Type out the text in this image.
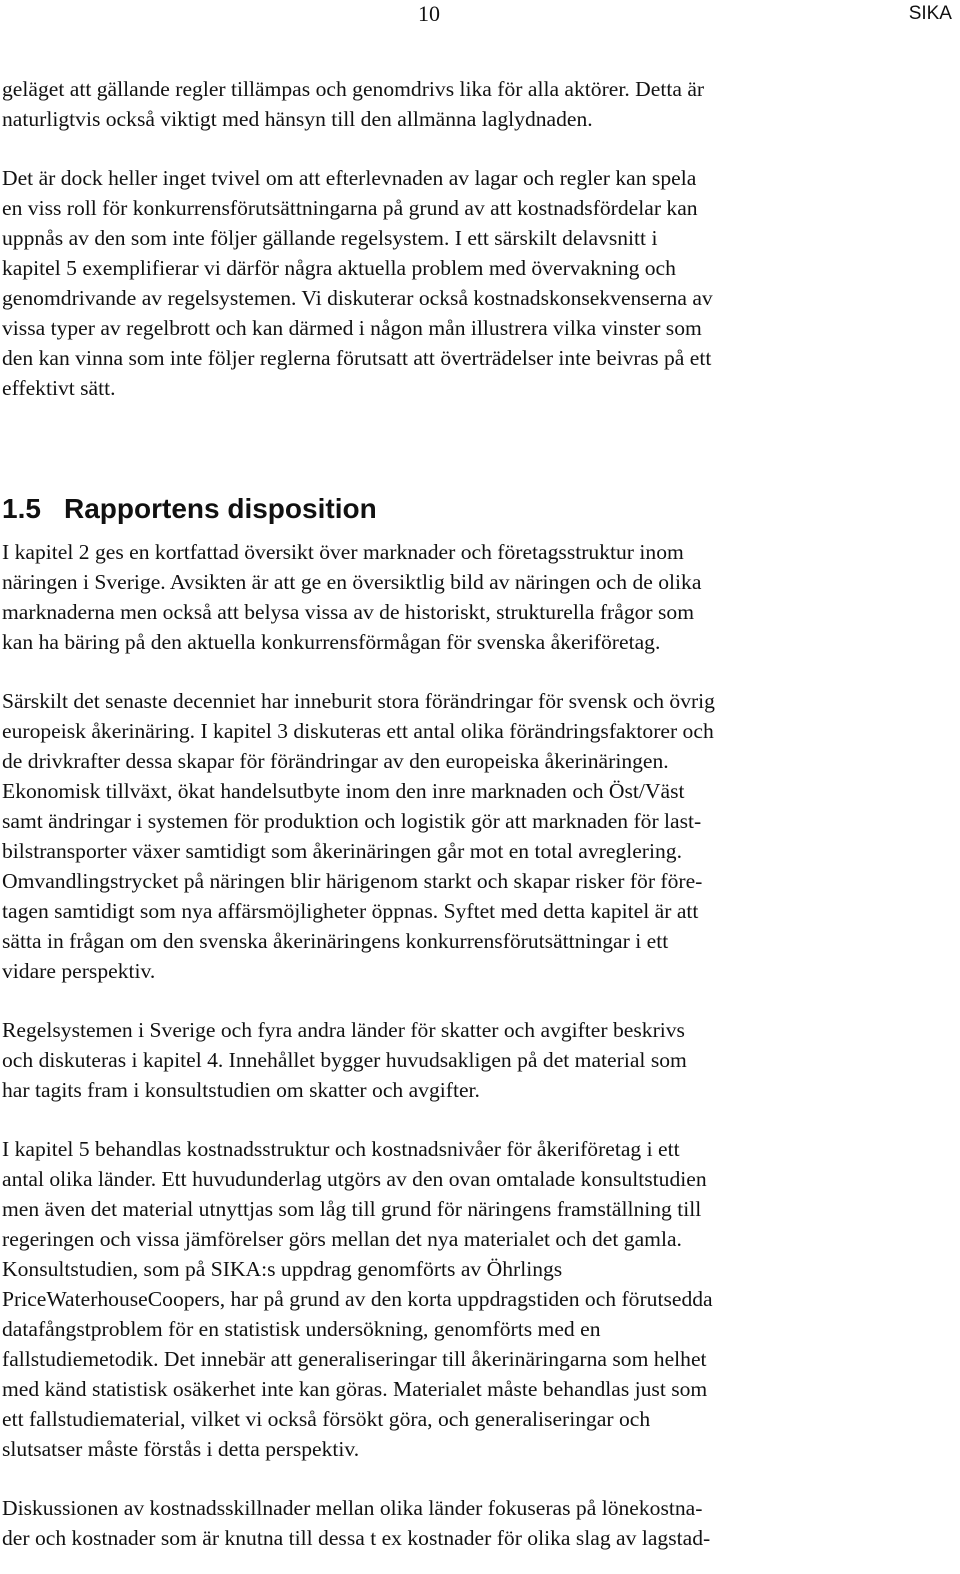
10	SIKA

geläget att gällande regler tillämpas och genomdrivs lika för alla aktörer. Detta är
naturligtvis också viktigt med hänsyn till den allmänna laglydnaden.

Det är dock heller inget tvivel om att efterlevnaden av lagar och regler kan spela
en viss roll för konkurrensförutsättningarna på grund av att kostnadsfördelar kan
uppnås av den som inte följer gällande regelsystem. I ett särskilt delavsnitt i
kapitel 5 exemplifierar vi därför några aktuella problem med övervakning och
genomdrivande av regelsystemen. Vi diskuterar också kostnadskonsekvenserna av
vissa typer av regelbrott och kan därmed i någon mån illustrera vilka vinster som
den kan vinna som inte följer reglerna förutsatt att överträdelser inte beivras på ett
effektivt sätt.

1.5 Rapportens disposition

I kapitel 2 ges en kortfattad översikt över marknader och företagsstruktur inom
näringen i Sverige. Avsikten är att ge en översiktlig bild av näringen och de olika
marknaderna men också att belysa vissa av de historiskt, strukturella frågor som
kan ha bäring på den aktuella konkurrensförmågan för svenska åkeriföretag.

Särskilt det senaste decenniet har inneburit stora förändringar för svensk och övrig
europeisk åkerinäring. I kapitel 3 diskuteras ett antal olika förändringsfaktorer och
de drivkrafter dessa skapar för förändringar av den europeiska åkerinäringen.
Ekonomisk tillväxt, ökat handelsutbyte inom den inre marknaden och Öst/Väst
samt ändringar i systemen för produktion och logistik gör att marknaden för last-
bilstransporter växer samtidigt som åkerinäringen går mot en total avreglering.
Omvandlingstrycket på näringen blir härigenom starkt och skapar risker för före-
tagen samtidigt som nya affärsmöjligheter öppnas. Syftet med detta kapitel är att
sätta in frågan om den svenska åkerinäringens konkurrensförutsättningar i ett
vidare perspektiv.

Regelsystemen i Sverige och fyra andra länder för skatter och avgifter beskrivs
och diskuteras i kapitel 4. Innehållet bygger huvudsakligen på det material som
har tagits fram i konsultstudien om skatter och avgifter.

I kapitel 5 behandlas kostnadsstruktur och kostnadsnivåer för åkeriföretag i ett
antal olika länder. Ett huvudunderlag utgörs av den ovan omtalade konsultstudien
men även det material utnyttjas som låg till grund för näringens framställning till
regeringen och vissa jämförelser görs mellan det nya materialet och det gamla.
Konsultstudien, som på SIKA:s uppdrag genomförts av Öhrlings
PriceWaterhouseCoopers, har på grund av den korta uppdragstiden och förutsedda
datafångstproblem för en statistisk undersökning, genomförts med en
fallstudiemetodik. Det innebär att generaliseringar till åkerinäringarna som helhet
med känd statistisk osäkerhet inte kan göras. Materialet måste behandlas just som
ett fallstudiematerial, vilket vi också försökt göra, och generaliseringar och
slutsatser måste förstås i detta perspektiv.

Diskussionen av kostnadsskillnader mellan olika länder fokuseras på lönekostna-
der och kostnader som är knutna till dessa t ex kostnader för olika slag av lagstad-
